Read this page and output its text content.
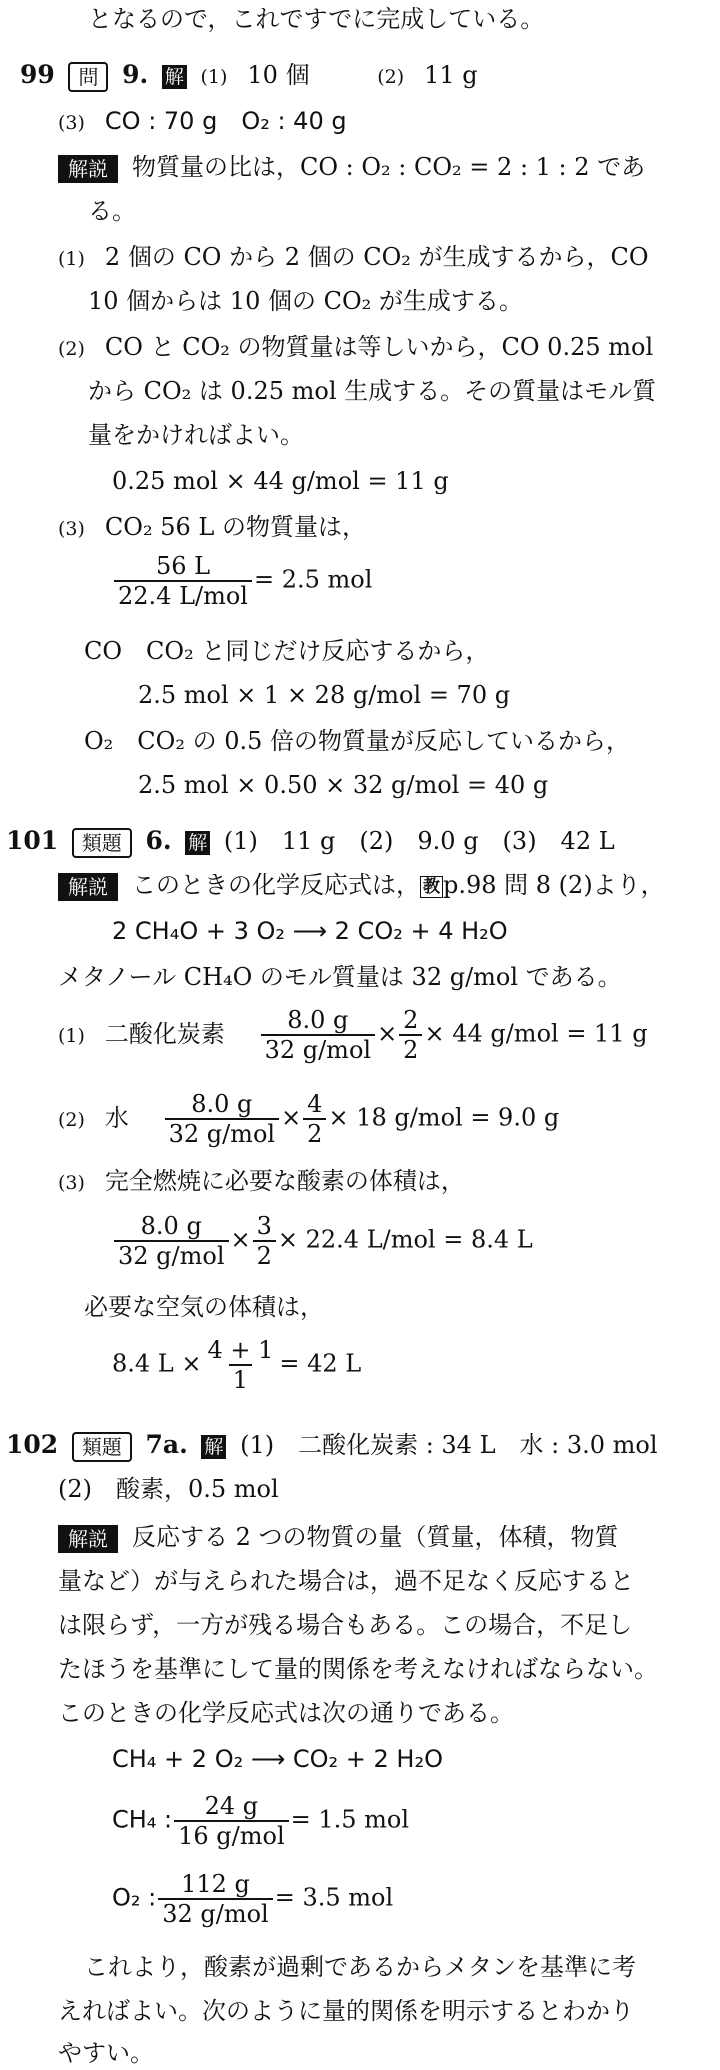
となるので，これですでに完成している。
99 問 9. 解 (1) 10 個	(2) 11 g
(3) CO : 70 g　O₂ : 40 g
解説 物質量の比は，CO : O₂ : CO₂ = 2 : 1 : 2 であ
る。
(1) 2 個の CO から 2 個の CO₂ が生成するから，CO
10 個からは 10 個の CO₂ が生成する。
(2) CO と CO₂ の物質量は等しいから，CO 0.25 mol
から CO₂ は 0.25 mol 生成する。その質量はモル質
量をかければよい。
0.25 mol × 44 g/mol = 11 g
(3) CO₂ 56 L の物質量は，
$\frac{56 L}{\text{22.4 L/mol}} = 2.5$ mol
CO　CO₂ と同じだけ反応するから，
2.5 mol × 1 × 28 g/mol = 70 g
O₂　CO₂ の 0.5 倍の物質量が反応しているから，
2.5 mol × 0.50 × 32 g/mol = 40 g
101 類題 6. 解 (1)　11 g　(2)　9.0 g　(3)　42 L
解説 このときの化学反応式は， 教 p.98 問 8 (2)より，
2 CH₄O + 3 O₂ ⟶ 2 CO₂ + 4 H₂O
メタノール CH₄O のモル質量は 32 g/mol である。
(1) 二酸化炭素 $\frac{8.0 g}{\text{32 g/mol}} \times \frac{2}{2} \times 44$ g/mol = 11 g
(2) 水 $\frac{8.0 g}{\text{32 g/mol}} \times \frac{4}{2} \times 18$ g/mol = 9.0 g
(3) 完全燃焼に必要な酸素の体積は，
$\frac{8.0 g}{\text{32 g/mol}} \times \frac{3}{2} \times 22.4$ L/mol = 8.4 L
必要な空気の体積は，
8.4 $L \times \frac{4 + 1}{1} = 42$ L
102 類題 7a. 解 (1)　二酸化炭素 : 34 L　水 : 3.0 mol
(2)　酸素，0.5 mol
解説 反応する 2 つの物質の量（質量，体積，物質
量など）が与えられた場合は，過不足なく反応すると
は限らず，一方が残る場合もある。この場合，不足し
たほうを基準にして量的関係を考えなければならない。
このときの化学反応式は次の通りである。
CH₄ + 2 O₂ ⟶ CO₂ + 2 H₂O
CH₄ : $\frac{24 g}{\text{16 g/mol}} = 1.5$ mol
O₂ : $\frac{112 g}{\text{32 g/mol}} = 3.5$ mol
これより，酸素が過剰であるからメタンを基準に考
えればよい。次のように量的関係を明示するとわかり
やすい。
